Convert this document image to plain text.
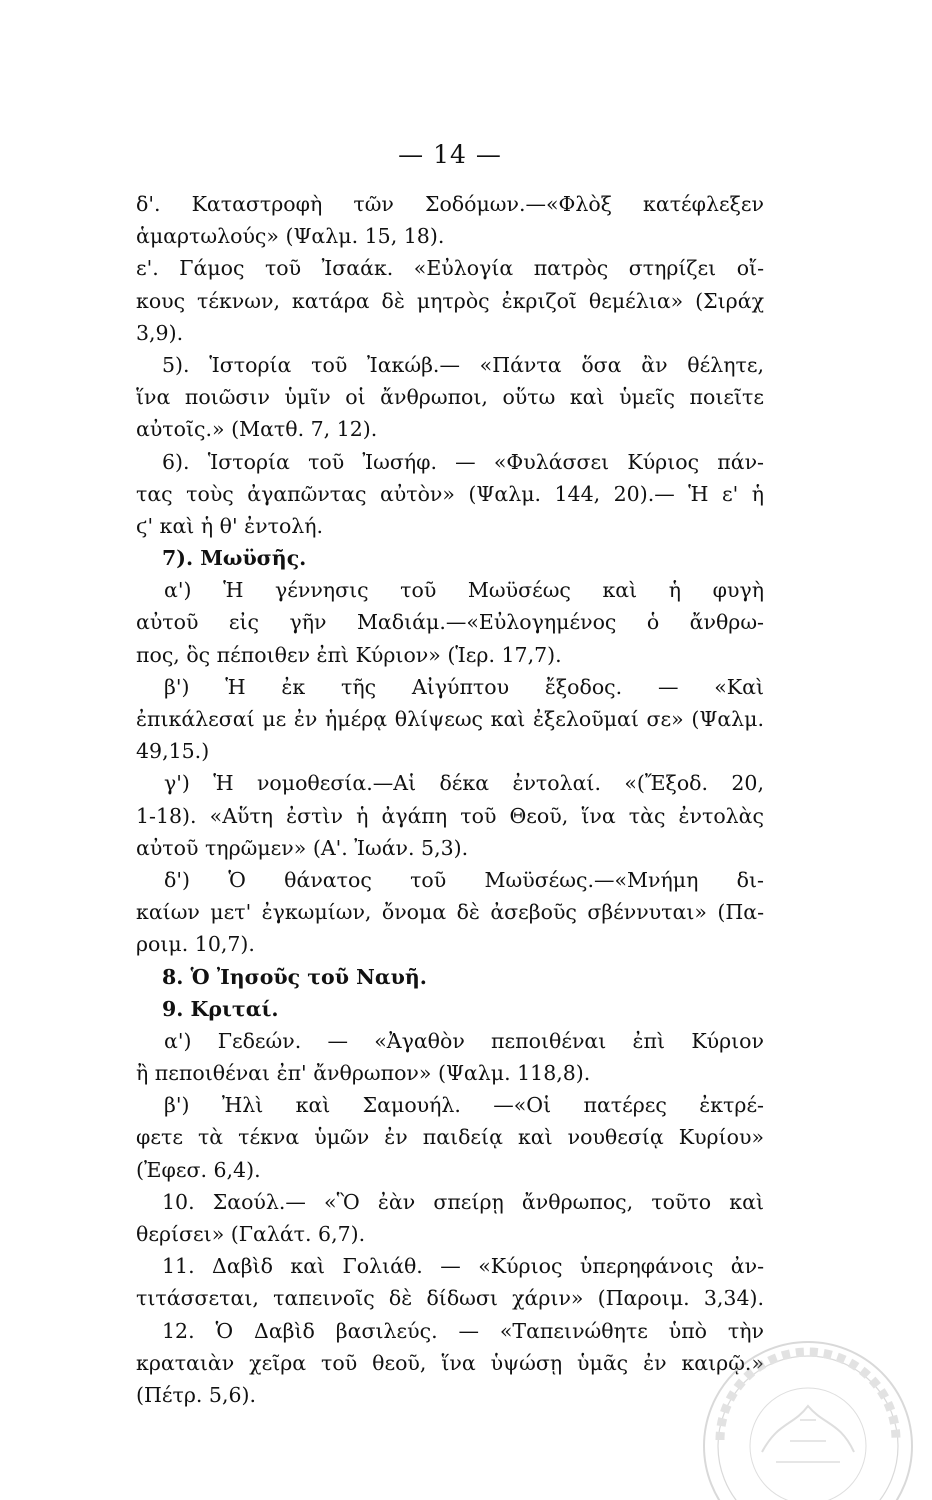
— 14 —
δ'. Καταστροφὴ τῶν Σοδόμων.—«Φλὸξ κατέφλεξεν
ἁμαρτωλούς» (Ψαλμ. 15, 18).
ε'. Γάμος τοῦ Ἰσαάκ. «Εὐλογία πατρὸς στηρίζει οἴ-
κους τέκνων, κατάρα δὲ μητρὸς ἐκριζοῖ θεμέλια» (Σιράχ
3,9).
5). Ἱστορία τοῦ Ἰακώβ.— «Πάντα ὅσα ἂν θέλητε,
ἵνα ποιῶσιν ὑμῖν οἱ ἄνθρωποι, οὕτω καὶ ὑμεῖς ποιεῖτε
αὐτοῖς.» (Ματθ. 7, 12).
6). Ἱστορία τοῦ Ἰωσήφ. — «Φυλάσσει Κύριος πάν-
τας τοὺς ἀγαπῶντας αὐτὸν» (Ψαλμ. 144, 20).— Ἡ ε' ἡ
ϛ' καὶ ἡ θ' ἐντολή.
7). Μωϋσῆς.
α') Ἡ γέννησις τοῦ Μωϋσέως καὶ ἡ φυγὴ
αὐτοῦ εἰς γῆν Μαδιάμ.—«Εὐλογημένος ὁ ἄνθρω-
πος, ὃς πέποιθεν ἐπὶ Κύριον» (Ἱερ. 17,7).
β') Ἡ ἐκ τῆς Αἰγύπτου ἔξοδος. — «Καὶ
ἐπικάλεσαί με ἐν ἡμέρᾳ θλίψεως καὶ ἐξελοῦμαί σε» (Ψαλμ.
49,15.)
γ') Ἡ νομοθεσία.—Αἱ δέκα ἐντολαί. «(Ἔξοδ. 20,
1-18). «Αὕτη ἐστὶν ἡ ἀγάπη τοῦ Θεοῦ, ἵνα τὰς ἐντολὰς
αὐτοῦ τηρῶμεν» (Α'. Ἰωάν. 5,3).
δ') Ὁ θάνατος τοῦ Μωϋσέως.—«Μνήμη δι-
καίων μετ' ἐγκωμίων, ὄνομα δὲ ἀσεβοῦς σβέννυται» (Πα-
ροιμ. 10,7).
8. Ὁ Ἰησοῦς τοῦ Ναυῆ.
9. Κριταί.
α') Γεδεών. — «Ἀγαθὸν πεποιθέναι ἐπὶ Κύριον
ἢ πεποιθέναι ἐπ' ἄνθρωπον» (Ψαλμ. 118,8).
β') Ἠλὶ καὶ Σαμουήλ. —«Οἱ πατέρες ἐκτρέ-
φετε τὰ τέκνα ὑμῶν ἐν παιδείᾳ καὶ νουθεσίᾳ Κυρίου»
(Ἐφεσ. 6,4).
10. Σαούλ.— «Ὃ ἐὰν σπείρῃ ἄνθρωπος, τοῦτο καὶ
θερίσει» (Γαλάτ. 6,7).
11. Δαβὶδ καὶ Γολιάθ. — «Κύριος ὑπερηφάνοις ἀν-
τιτάσσεται, ταπεινοῖς δὲ δίδωσι χάριν» (Παροιμ. 3,34).
12. Ὁ Δαβὶδ βασιλεύς. — «Ταπεινώθητε ὑπὸ τὴν
κραταιὰν χεῖρα τοῦ θεοῦ, ἵνα ὑψώσῃ ὑμᾶς ἐν καιρῷ.»
(Πέτρ. 5,6).
